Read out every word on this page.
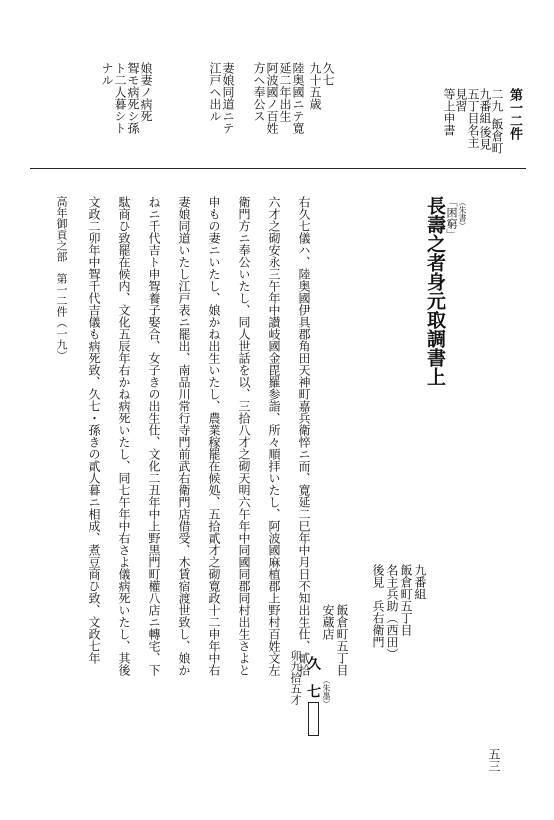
第一二件
二九
九番組
五丁目名主 飯倉町
見習
等上申書
後見
久七
九十五歳
陸奥國ニテ寛
延二年出生
阿波國ノ百姓
方ヘ奉公ス
妻娘同道ニテ
江戸ヘ出ル
娘妻ノ病死
聟モ病死シ孫
ト二人暮シト
ナル
（朱書）
「困窮」
長壽之者身元取調書上
九番組
飯倉町五丁目
名主兵助（西田）
後見　兵右衛門
飯倉町五丁目
安蔵店
久　七
卯九拾五才	（朱墨）
右久七儀ハ、陸奥國伊具郡角田天神町嘉兵衛悴ニ而、寛延二巳年中月日不知出生仕、貳拾
六才之砌安永三午年中讃岐國金毘羅参詣、所々順拝いたし、阿波國麻植郡上野村百姓文左
衛門方ニ奉公いたし、同人世話を以、三拾八才之砌天明六午年中同國同郡同村出生さよと
申もの妻ニいたし、娘かね出生いたし、農業稼罷在候処、五拾貳才之砌寛政十二申年中右
妻娘同道いたし江戸表ニ罷出、南品川常行寺門前武右衛門店借受、木賃宿渡世致し、娘か
ねニ千代吉ト申聟養子娶合、女子きの出生仕、文化二丑年中上野黒門町權八店ニ轉宅、下
駄商ひ致罷在候内、文化五辰年右かね病死いたし、同七午年中右さよ儀病死いたし、其後
文政二卯年中聟千代吉儀も病死致、久七・孫きの貳人暮ニ相成、煮豆商ひ致、文政七年
高年御貢之部　第一二件（一九）
五三
